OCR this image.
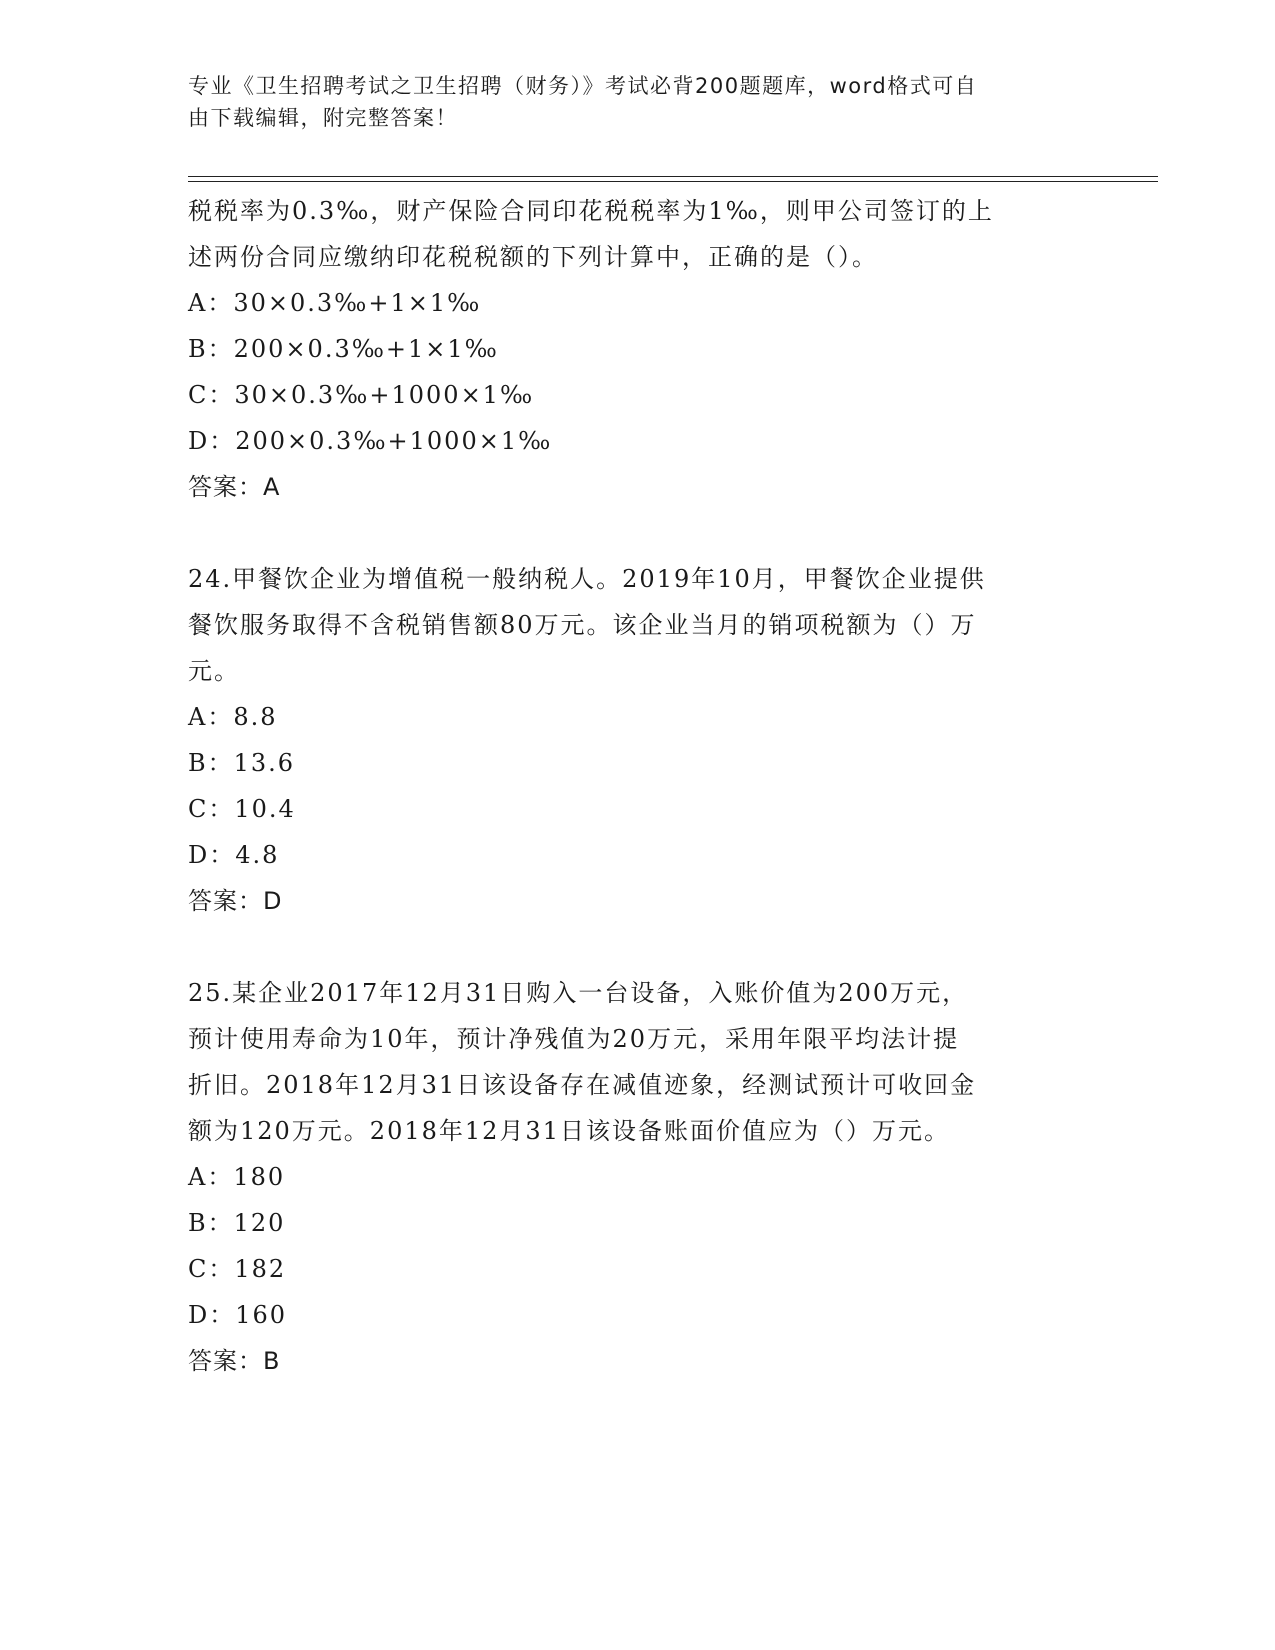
专业《卫生招聘考试之卫生招聘（财务）》考试必背200题题库，word格式可自
由下载编辑，附完整答案！
税税率为0.3‰，财产保险合同印花税税率为1‰，则甲公司签订的上
述两份合同应缴纳印花税税额的下列计算中，正确的是（）。
A：30×0.3‰+1×1‰
B：200×0.3‰+1×1‰
C：30×0.3‰+1000×1‰
D：200×0.3‰+1000×1‰
答案：A
24.甲餐饮企业为增值税一般纳税人。2019年10月，甲餐饮企业提供
餐饮服务取得不含税销售额80万元。该企业当月的销项税额为（）万
元。
A：8.8
B：13.6
C：10.4
D：4.8
答案：D
25.某企业2017年12月31日购入一台设备，入账价值为200万元，
预计使用寿命为10年，预计净残值为20万元，采用年限平均法计提
折旧。2018年12月31日该设备存在减值迹象，经测试预计可收回金
额为120万元。2018年12月31日该设备账面价值应为（）万元。
A：180
B：120
C：182
D：160
答案：B
